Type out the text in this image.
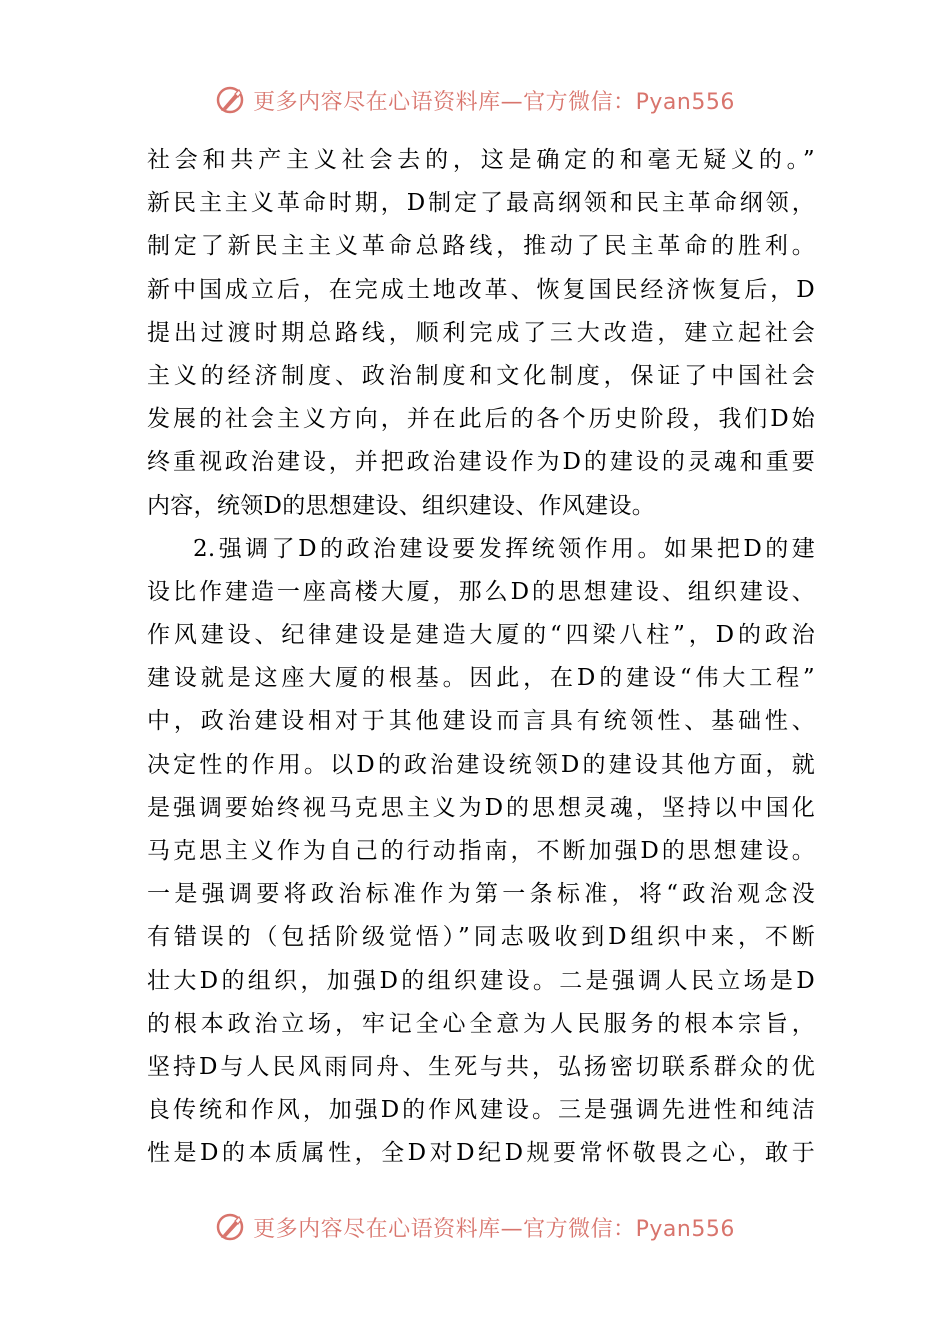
更多内容尽在心语资料库—官方微信：Pyan556
社会和共产主义社会去的，这是确定的和毫无疑义的。”
新民主主义革命时期，D制定了最高纲领和民主革命纲领，
制定了新民主主义革命总路线，推动了民主革命的胜利。
新中国成立后，在完成土地改革、恢复国民经济恢复后，D
提出过渡时期总路线，顺利完成了三大改造，建立起社会
主义的经济制度、政治制度和文化制度，保证了中国社会
发展的社会主义方向，并在此后的各个历史阶段，我们D始
终重视政治建设，并把政治建设作为D的建设的灵魂和重要
内容，统领D的思想建设、组织建设、作风建设。
2.强调了D的政治建设要发挥统领作用。如果把D的建
设比作建造一座高楼大厦，那么D的思想建设、组织建设、
作风建设、纪律建设是建造大厦的“四梁八柱”，D的政治
建设就是这座大厦的根基。因此，在D的建设“伟大工程”
中，政治建设相对于其他建设而言具有统领性、基础性、
决定性的作用。以D的政治建设统领D的建设其他方面，就
是强调要始终视马克思主义为D的思想灵魂，坚持以中国化
马克思主义作为自己的行动指南，不断加强D的思想建设。
一是强调要将政治标准作为第一条标准，将“政治观念没
有错误的（包括阶级觉悟）”同志吸收到D组织中来，不断
壮大D的组织，加强D的组织建设。二是强调人民立场是D
的根本政治立场，牢记全心全意为人民服务的根本宗旨，
坚持D与人民风雨同舟、生死与共，弘扬密切联系群众的优
良传统和作风，加强D的作风建设。三是强调先进性和纯洁
性是D的本质属性，全D对D纪D规要常怀敬畏之心，敢于
更多内容尽在心语资料库—官方微信：Pyan556
